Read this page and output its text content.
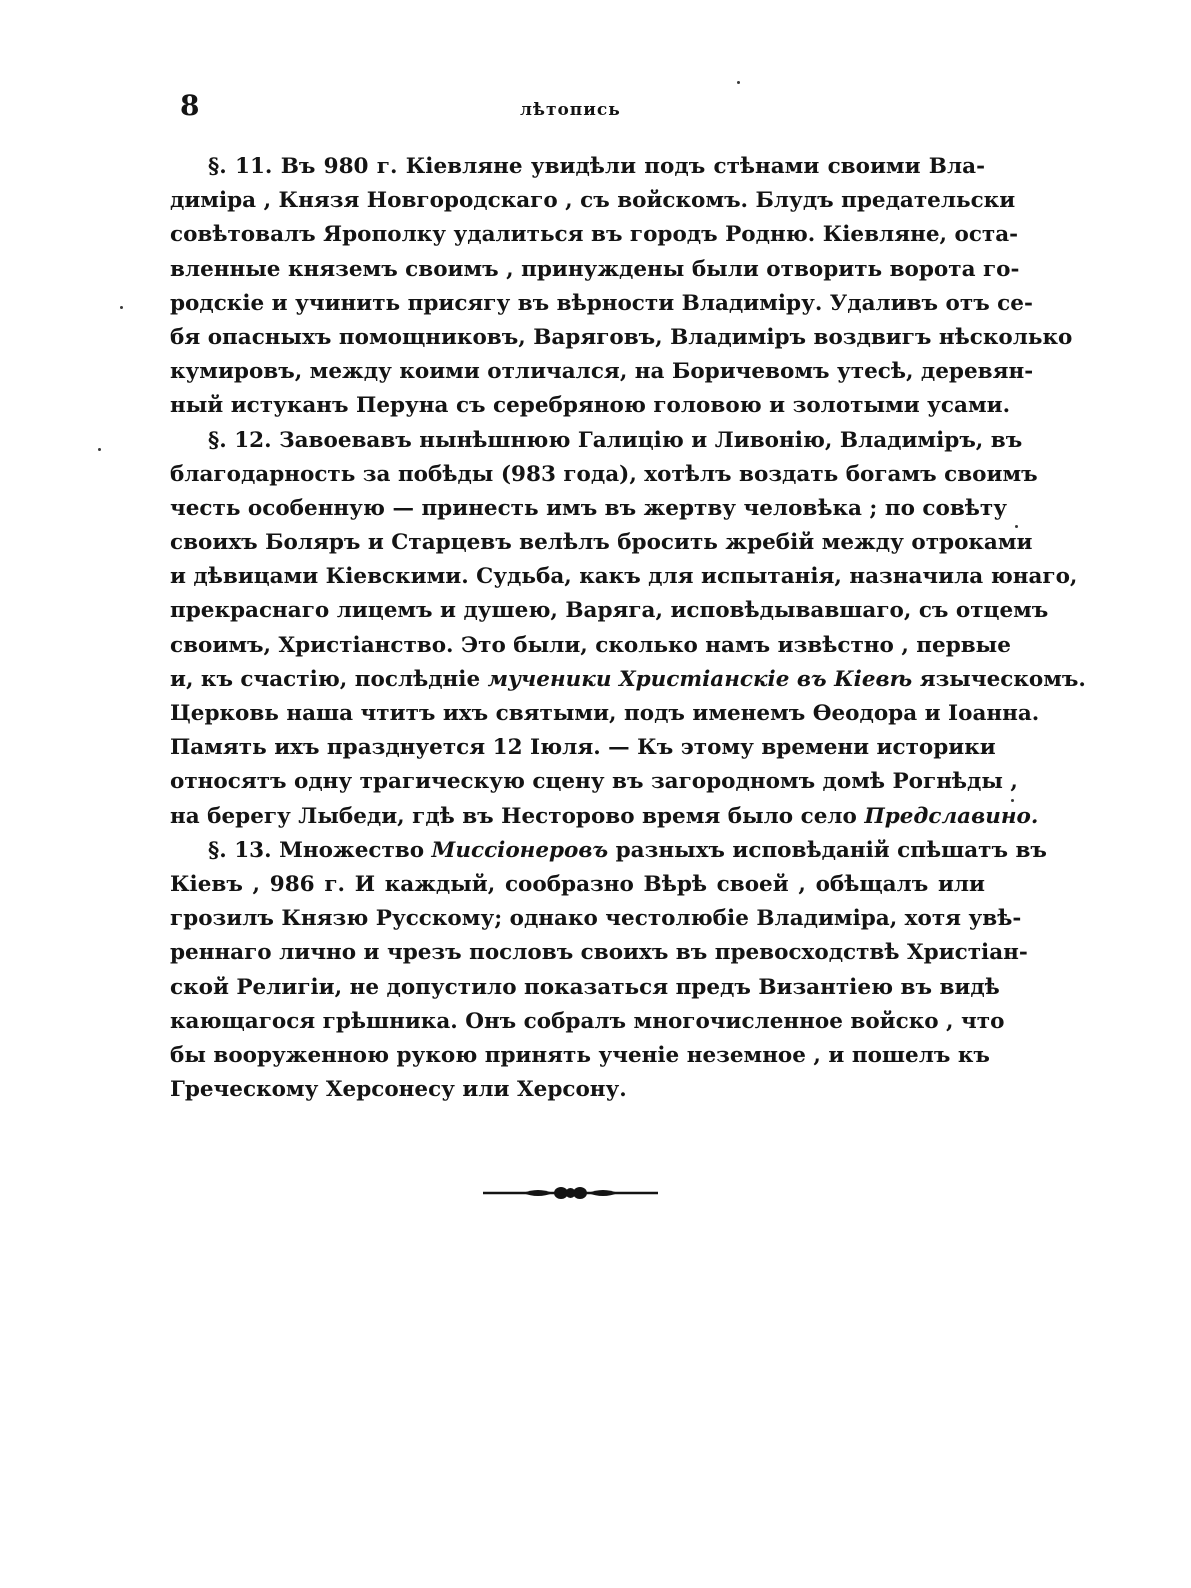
8	лѣтопись
§. 11. Въ 980 г. Кіевляне увидѣли подъ стѣнами своими Вла-
диміра , Князя Новгородскаго , съ войскомъ. Блудъ предательски
совѣтовалъ Ярополку удалиться въ городъ Родню. Кіевляне, оста-
вленные княземъ своимъ , принуждены были отворить ворота го-
родскіе и учинить присягу въ вѣрности Владиміру. Удаливъ отъ се-
бя опасныхъ помощниковъ, Варяговъ, Владиміръ воздвигъ нѣсколько
кумировъ, между коими отличался, на Боричевомъ утесѣ, деревян-
ный истуканъ Перуна съ серебряною головою и золотыми усами.
§. 12. Завоевавъ нынѣшнюю Галицію и Ливонію, Владиміръ, въ
благодарность за побѣды (983 года), хотѣлъ воздать богамъ своимъ
честь особенную — принесть имъ въ жертву человѣка ; по совѣту
своихъ Боляръ и Старцевъ велѣлъ бросить жребій между отроками
и дѣвицами Кіевскими. Судьба, какъ для испытанія, назначила юнаго,
прекраснаго лицемъ и душею, Варяга, исповѣдывавшаго, съ отцемъ
своимъ, Христіанство. Это были, сколько намъ извѣстно , первые
и, къ счастію, послѣдніе мученики Христіанскіе въ Кіевѣ языческомъ.
Церковь наша чтитъ ихъ святыми, подъ именемъ Ѳеодора и Іоанна.
Память ихъ празднуется 12 Іюля. — Къ этому времени историки
относятъ одну трагическую сцену въ загородномъ домѣ Рогнѣды ,
на берегу Лыбеди, гдѣ въ Несторово время было село Предславино.
§. 13. Множество Миссіонеровъ разныхъ исповѣданій спѣшатъ въ
Кіевъ , 986 г. И каждый, сообразно Вѣрѣ своей , обѣщалъ или
грозилъ Князю Русскому; однако честолюбіе Владиміра, хотя увѣ-
реннаго лично и чрезъ пословъ своихъ въ превосходствѣ Христіан-
ской Религіи, не допустило показаться предъ Византіею въ видѣ
кающагося грѣшника. Онъ собралъ многочисленное войско , что
бы вооруженною рукою принять ученіе неземное , и пошелъ къ
Греческому Херсонесу или Херсону.
